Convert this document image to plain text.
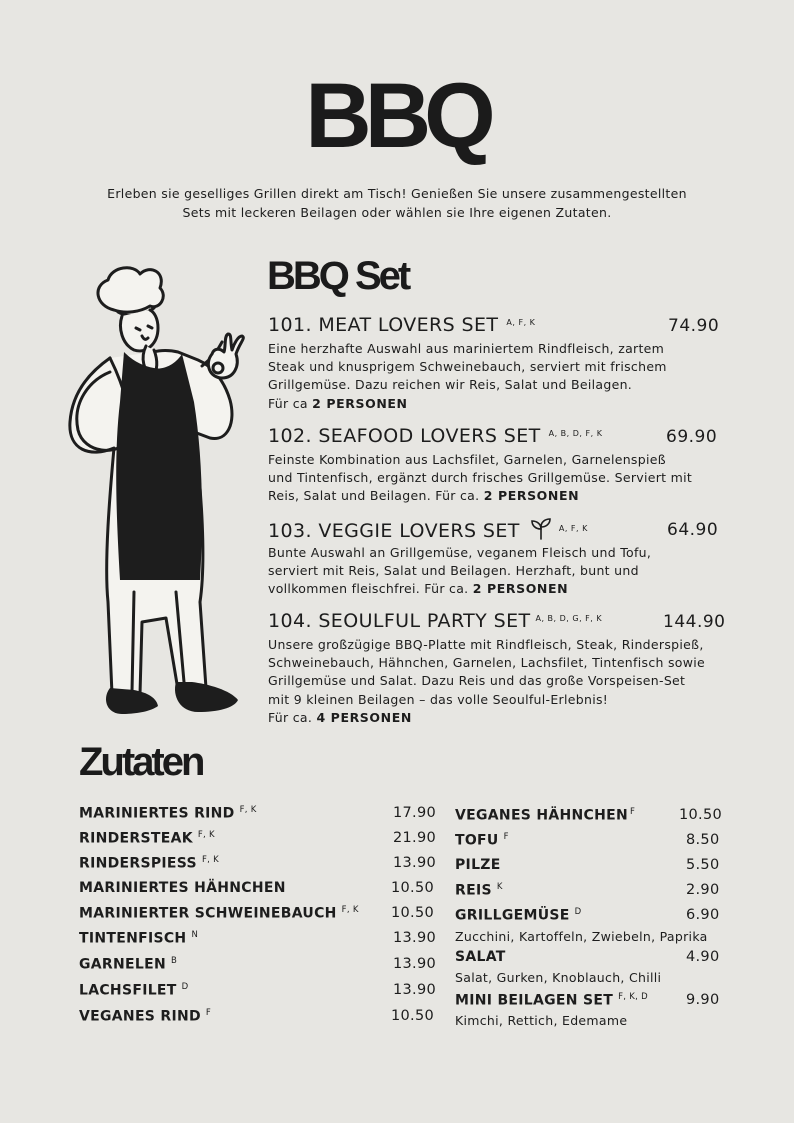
BBQ
Erleben sie geselliges Grillen direkt am Tisch! Genießen Sie unsere zusammengestellten
Sets mit leckeren Beilagen oder wählen sie Ihre eigenen Zutaten.
BBQ Set
101. MEAT LOVERS SET $^{A, F, K}$	74.90
Eine herzhafte Auswahl aus mariniertem Rindfleisch, zartem
Steak und knusprigem Schweinebauch, serviert mit frischem
Grillgemüse. Dazu reichen wir Reis, Salat und Beilagen.
Für ca 2 PERSONEN
102. SEAFOOD LOVERS SET $^{A, B, D, F, K}$	69.90
Feinste Kombination aus Lachsfilet, Garnelen, Garnelenspieß
und Tintenfisch, ergänzt durch frisches Grillgemüse. Serviert mit
Reis, Salat und Beilagen. Für ca. 2 PERSONEN
103. VEGGIE LOVERS SET	$^{A, F, K}$	64.90
Bunte Auswahl an Grillgemüse, veganem Fleisch und Tofu,
serviert mit Reis, Salat und Beilagen. Herzhaft, bunt und
vollkommen fleischfrei. Für ca. 2 PERSONEN
104. SEOULFUL PARTY SET $^{A, B, D, G, F, K}$	144.90
Unsere großzügige BBQ-Platte mit Rindfleisch, Steak, Rinderspieß,
Schweinebauch, Hähnchen, Garnelen, Lachsfilet, Tintenfisch sowie
Grillgemüse und Salat. Dazu Reis und das große Vorspeisen-Set
mit 9 kleinen Beilagen – das volle Seoulful-Erlebnis!
Für ca. 4 PERSONEN
Zutaten
MARINIERTES RIND $^{F, K}$	17.90
RINDERSTEAK $^{F, K}$	21.90
RINDERSPIESS $^{F, K}$	13.90
MARINIERTES HÄHNCHEN	10.50
MARINIERTER SCHWEINEBAUCH $^{F, K}$ 10.50
TINTENFISCH $^N$	13.90
GARNELEN $^B$	13.90
LACHSFILET $^D$	13.90
VEGANES RIND $^F$	10.50
VEGANES HÄHNCHEN $^F$	10.50
TOFU $^F$	8.50
PILZE	5.50
REIS $^K$	2.90
GRILLGEMÜSE $^D$	6.90
Zucchini, Kartoffeln, Zwiebeln, Paprika
SALAT	4.90
Salat, Gurken, Knoblauch, Chilli
MINI BEILAGEN SET $^{F, K, D}$	9.90
Kimchi, Rettich, Edemame
